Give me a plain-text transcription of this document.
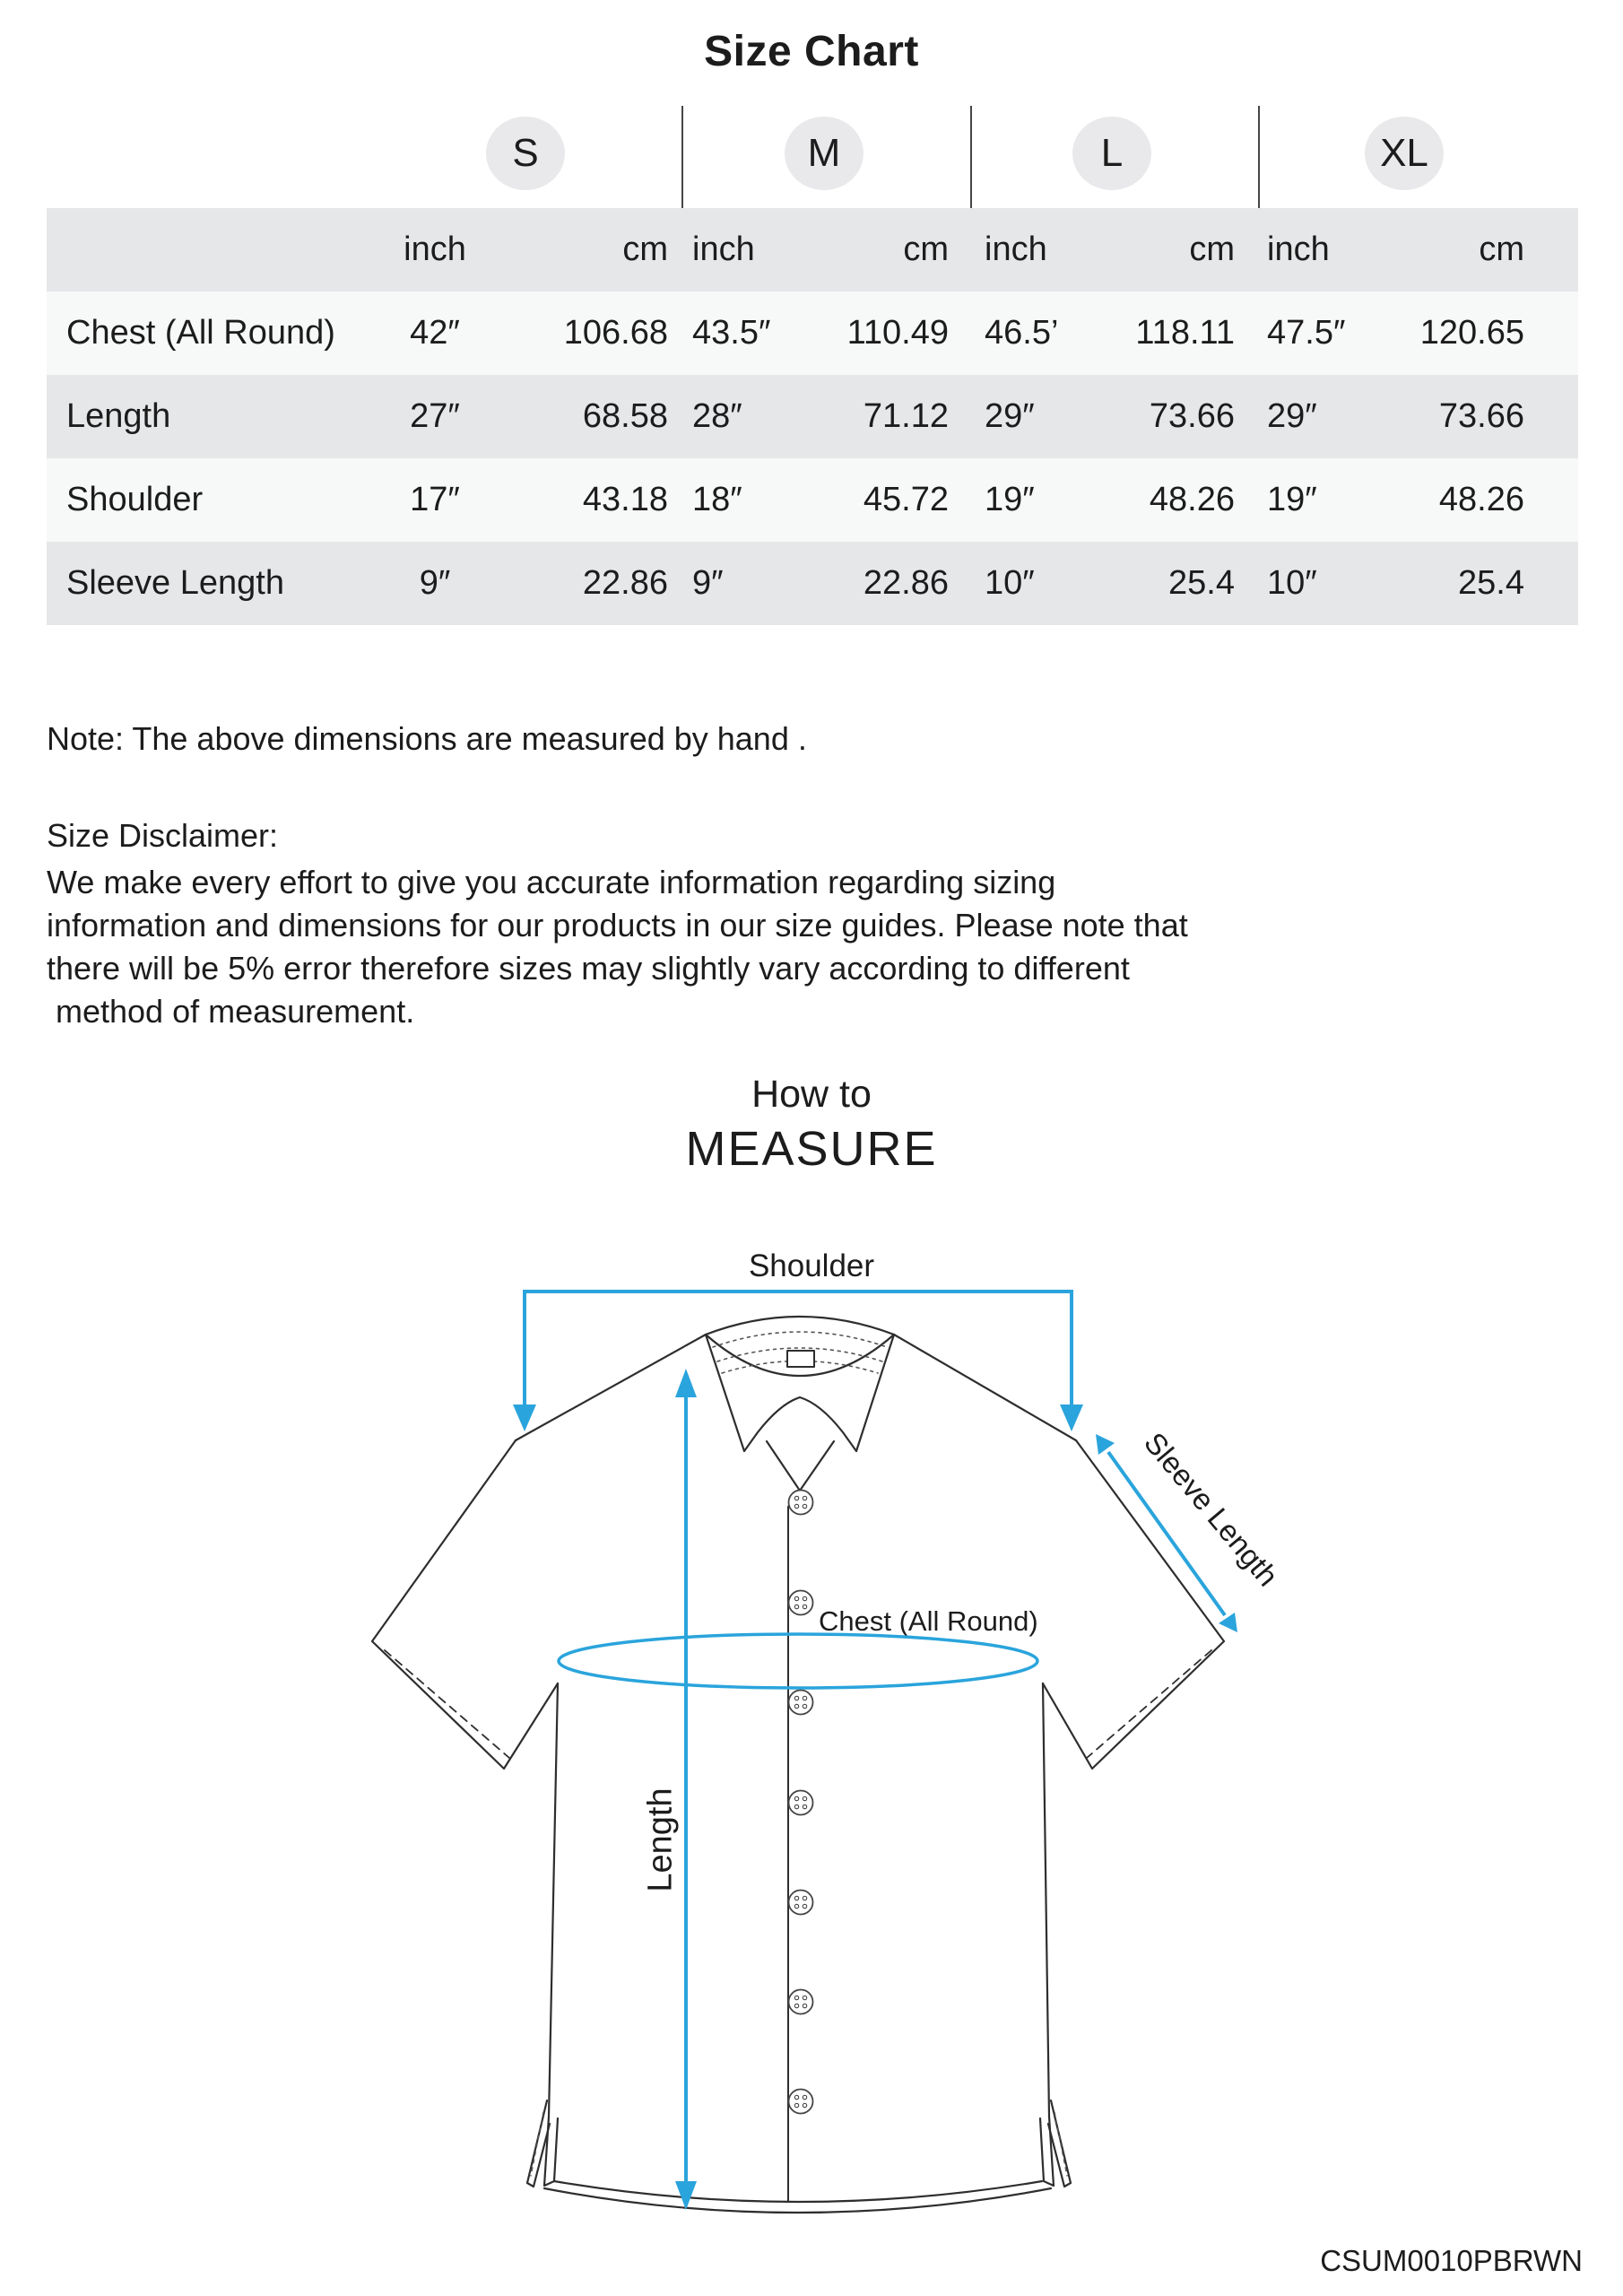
Size Chart
S	M	L	XL
inch	cm inch	cm inch	cm inch	cm
Chest (All Round)	42″	106.68 43.5″	110.49 46.5’	118.11 47.5″	120.65
Length	27″	68.58 28″	71.12 29″	73.66 29″	73.66
Shoulder	17″	43.18 18″	45.72 19″	48.26 19″	48.26
Sleeve Length	9″	22.86 9″	22.86 10″	25.4 10″	25.4
Note: The above dimensions are measured by hand .
Size Disclaimer:
We make every effort to give you accurate information regarding sizing
information and dimensions for our products in our size guides. Please note that
there will be 5% error therefore sizes may slightly vary according to different
method of measurement.
How to
MEASURE
Shoulder
Chest (All Round)
Length
Sleeve Length
CSUM0010PBRWN
